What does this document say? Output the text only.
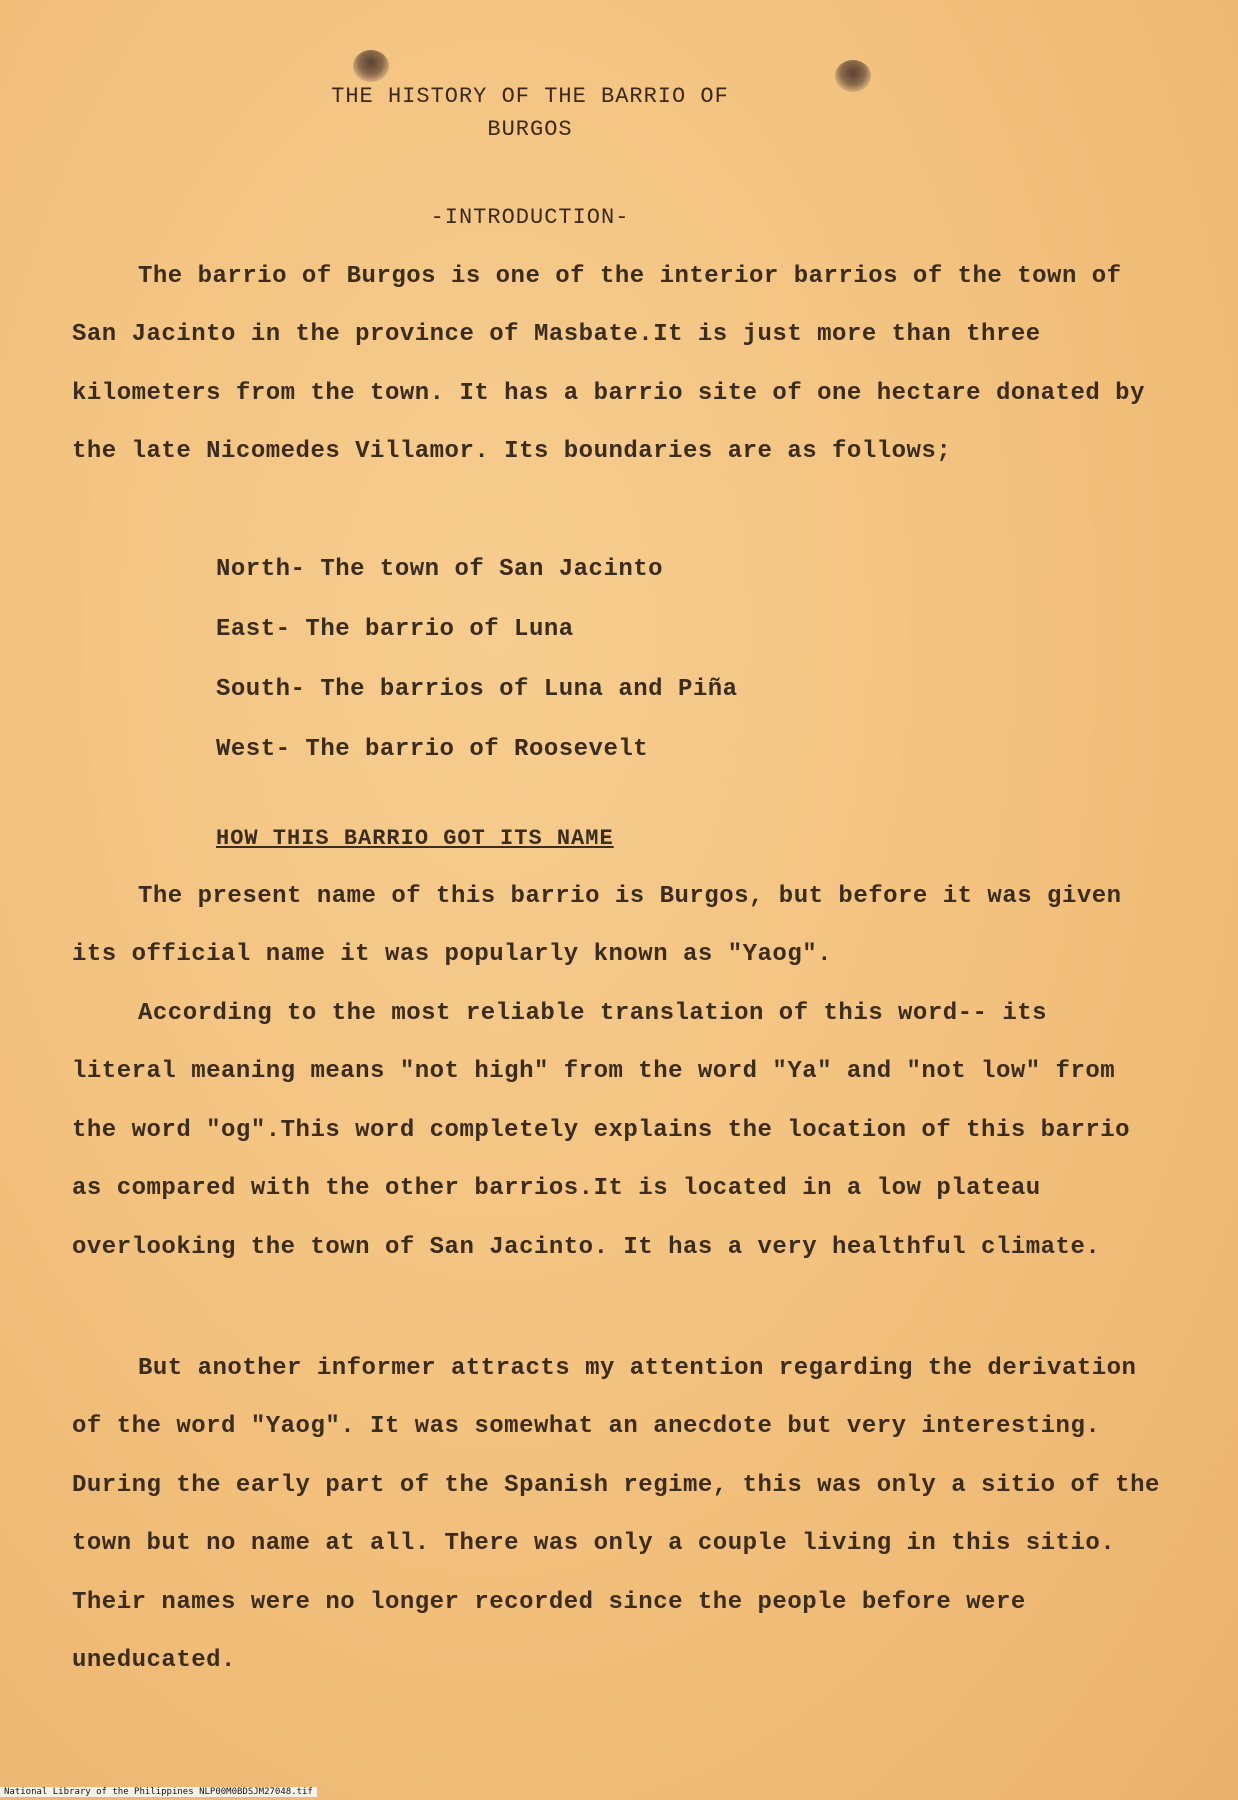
THE HISTORY OF THE BARRIO OF
BURGOS
-INTRODUCTION-

The barrio of Burgos is one of the interior barrios of the town of San Jacinto in the province of Masbate.It is just more than three kilometers from the town. It has a barrio site of one hectare donated by the late Nicomedes Villamor. Its boundaries are as follows;

North- The town of San Jacinto
East- The barrio of Luna
South- The barrios of Luna and Piña
West- The barrio of Roosevelt
HOW THIS BARRIO GOT ITS NAME

The present name of this barrio is Burgos, but before it was given its official name it was popularly known as "Yaog".

According to the most reliable translation of this word-- its literal meaning means "not high" from the word "Ya" and "not low" from the word "og".This word completely explains the location of this barrio as compared with the other barrios.It is located in a low plateau overlooking the town of San Jacinto. It has a very healthful climate.

But another informer attracts my attention regarding the derivation of the word "Yaog". It was somewhat an anecdote but very interesting. During the early part of the Spanish regime, this was only a sitio of the town but no name at all. There was only a couple living in this sitio. Their names were no longer recorded since the people before were uneducated.

National Library of the Philippines NLP00M0BDSJM27048.tif
